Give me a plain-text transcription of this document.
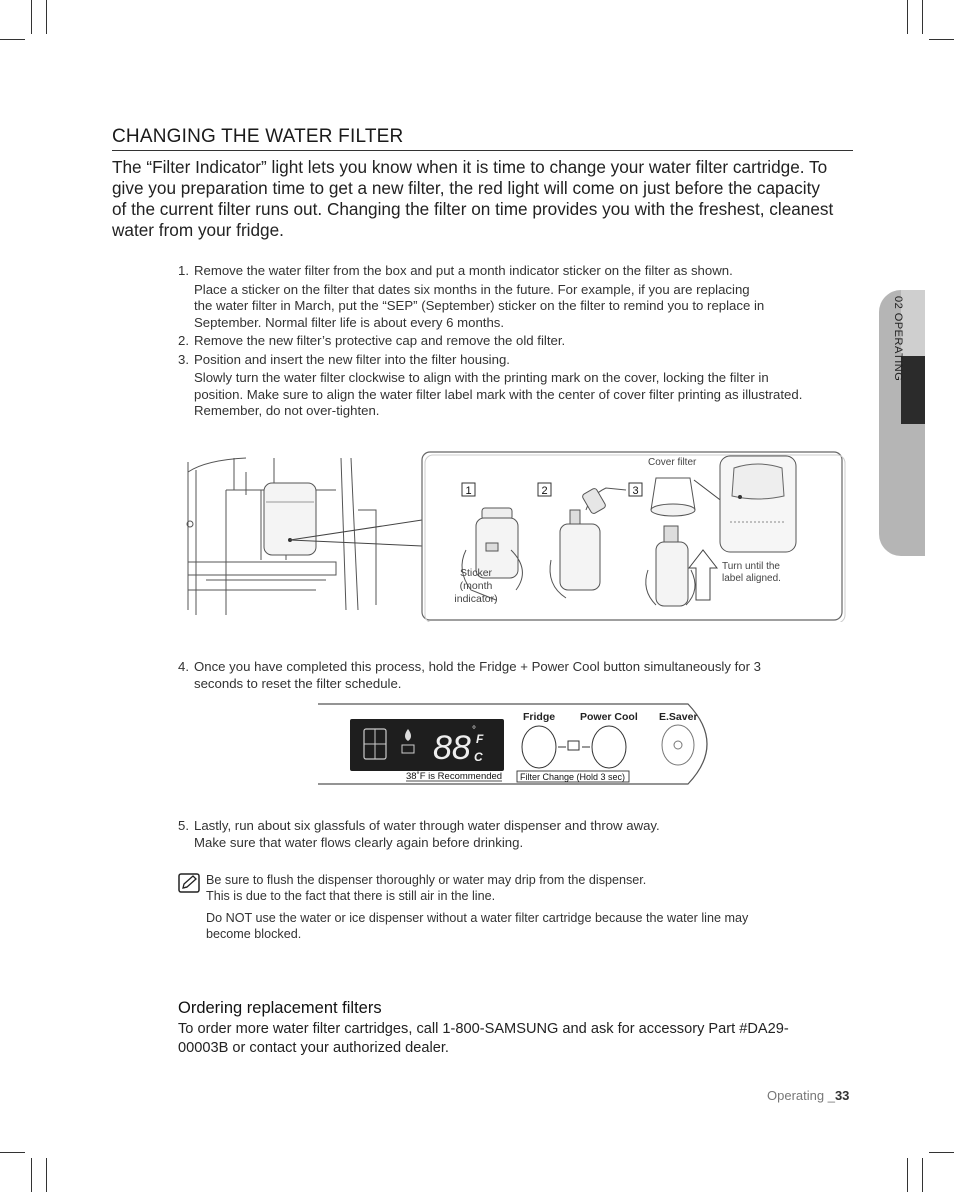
CHANGING THE WATER FILTER
The “Filter Indicator” light lets you know when it is time to change your water filter cartridge. To
give you preparation time to get a new filter, the red light will come on just before the capacity
of the current filter runs out. Changing the filter on time provides you with the freshest, cleanest
water from your fridge.
02 OPERATING
1. Remove the water filter from the box and put a month indicator sticker on the filter as shown.
Place a sticker on the filter that dates six months in the future. For example, if you are replacing
the water filter in March, put the “SEP” (September) sticker on the filter to remind you to replace in
September. Normal filter life is about every 6 months.
2. Remove the new filter’s protective cap and remove the old filter.
3. Position and insert the new filter into the filter housing.
Slowly turn the water filter clockwise to align with the printing mark on the cover, locking the filter in
position. Make sure to align the water filter label mark with the center of cover filter printing as illustrated.
Remember, do not over-tighten.
1	2	3
Cover filter
Sticker
(month
indicator)
Turn until the
label aligned.
4. Once you have completed this process, hold the Fridge + Power Cool button simultaneously for 3
seconds to reset the filter schedule.
88 °
F
C
38˚F is Recommended
Fridge Power Cool E.Saver
Filter Change (Hold 3 sec)
5. Lastly, run about six glassfuls of water through water dispenser and throw away.
Make sure that water flows clearly again before drinking.
Be sure to flush the dispenser thoroughly or water may drip from the dispenser.
This is due to the fact that there is still air in the line.
Do NOT use the water or ice dispenser without a water filter cartridge because the water line may
become blocked.
Ordering replacement filters
To order more water filter cartridges, call 1-800-SAMSUNG and ask for accessory Part #DA29-
00003B or contact your authorized dealer.
Operating _33
